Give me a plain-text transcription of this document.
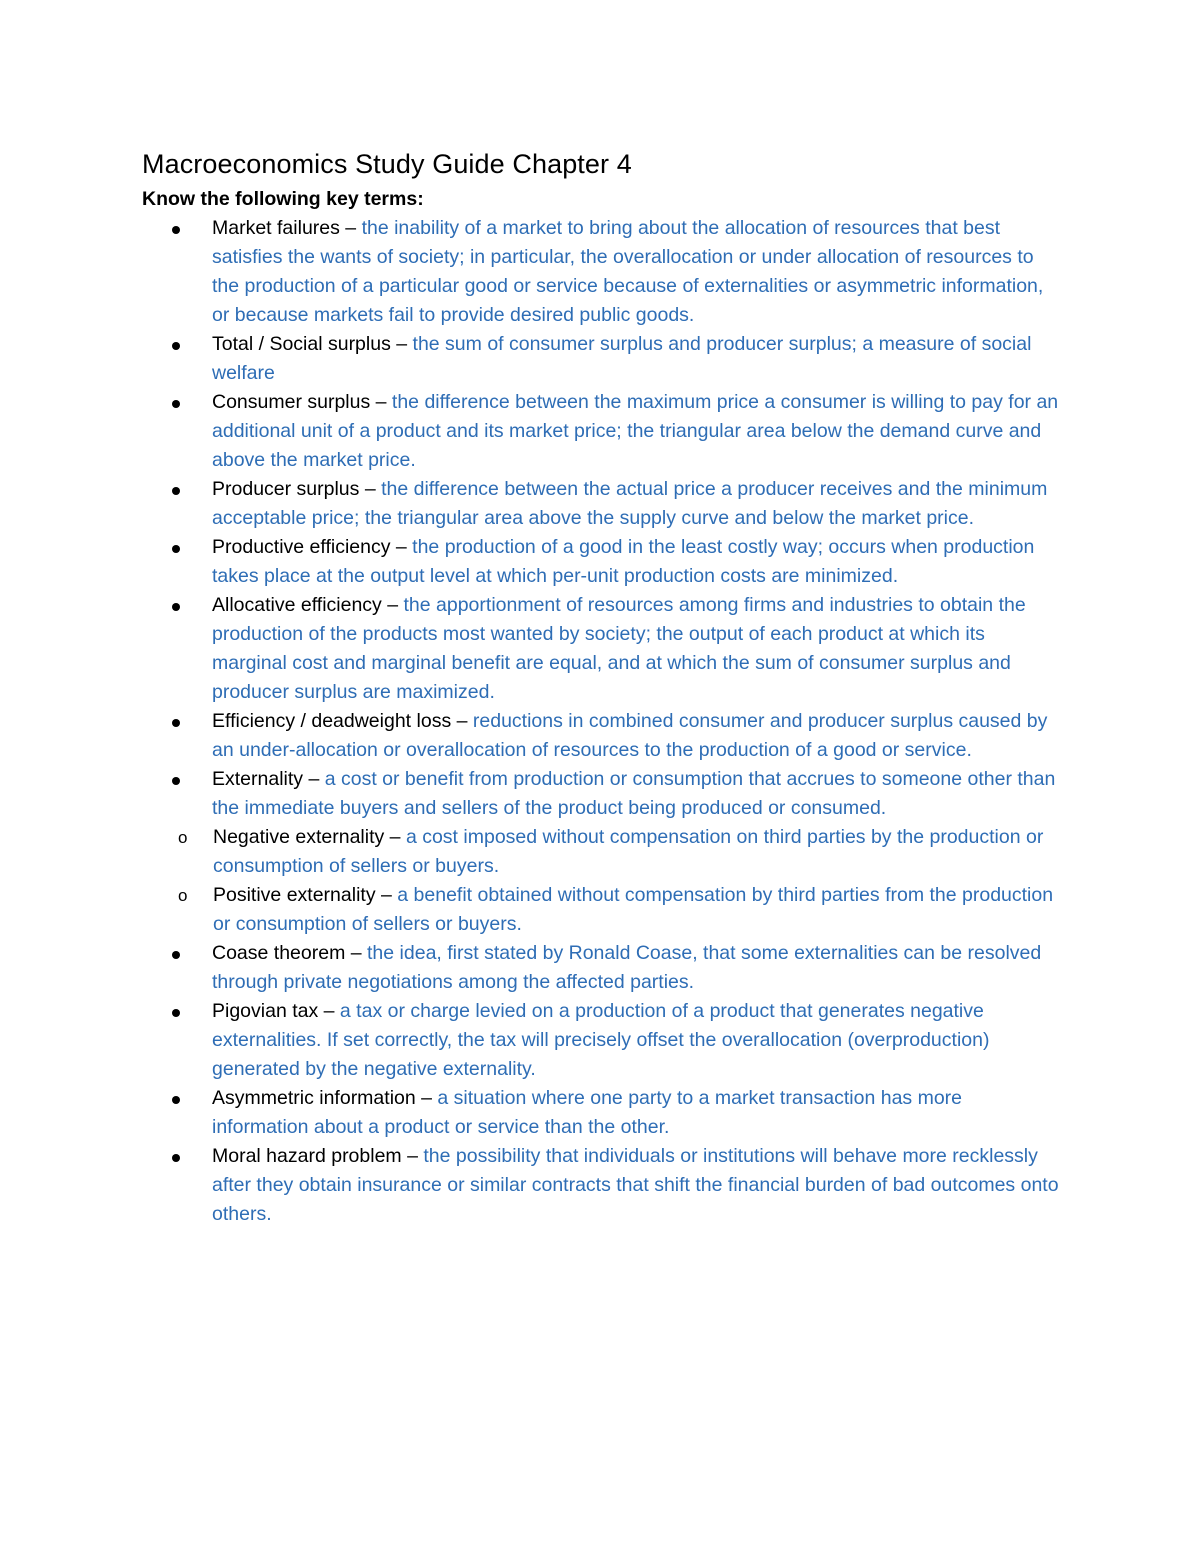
Macroeconomics Study Guide Chapter 4

Know the following key terms:

Market failures – the inability of a market to bring about the allocation of resources that best satisfies the wants of society; in particular, the overallocation or under allocation of resources to the production of a particular good or service because of externalities or asymmetric information, or because markets fail to provide desired public goods.
Total / Social surplus – the sum of consumer surplus and producer surplus; a measure of social welfare
Consumer surplus – the difference between the maximum price a consumer is willing to pay for an additional unit of a product and its market price; the triangular area below the demand curve and above the market price.
Producer surplus – the difference between the actual price a producer receives and the minimum acceptable price; the triangular area above the supply curve and below the market price.
Productive efficiency – the production of a good in the least costly way; occurs when production takes place at the output level at which per-unit production costs are minimized.
Allocative efficiency – the apportionment of resources among firms and industries to obtain the production of the products most wanted by society; the output of each product at which its marginal cost and marginal benefit are equal, and at which the sum of consumer surplus and producer surplus are maximized.
Efficiency / deadweight loss – reductions in combined consumer and producer surplus caused by an under-allocation or overallocation of resources to the production of a good or service.
Externality – a cost or benefit from production or consumption that accrues to someone other than the immediate buyers and sellers of the product being produced or consumed.
o Negative externality – a cost imposed without compensation on third parties by the production or consumption of sellers or buyers.
o Positive externality – a benefit obtained without compensation by third parties from the production or consumption of sellers or buyers.
Coase theorem – the idea, first stated by Ronald Coase, that some externalities can be resolved through private negotiations among the affected parties.
Pigovian tax – a tax or charge levied on a production of a product that generates negative externalities. If set correctly, the tax will precisely offset the overallocation (overproduction) generated by the negative externality.
Asymmetric information – a situation where one party to a market transaction has more information about a product or service than the other.
Moral hazard problem – the possibility that individuals or institutions will behave more recklessly after they obtain insurance or similar contracts that shift the financial burden of bad outcomes onto others.
